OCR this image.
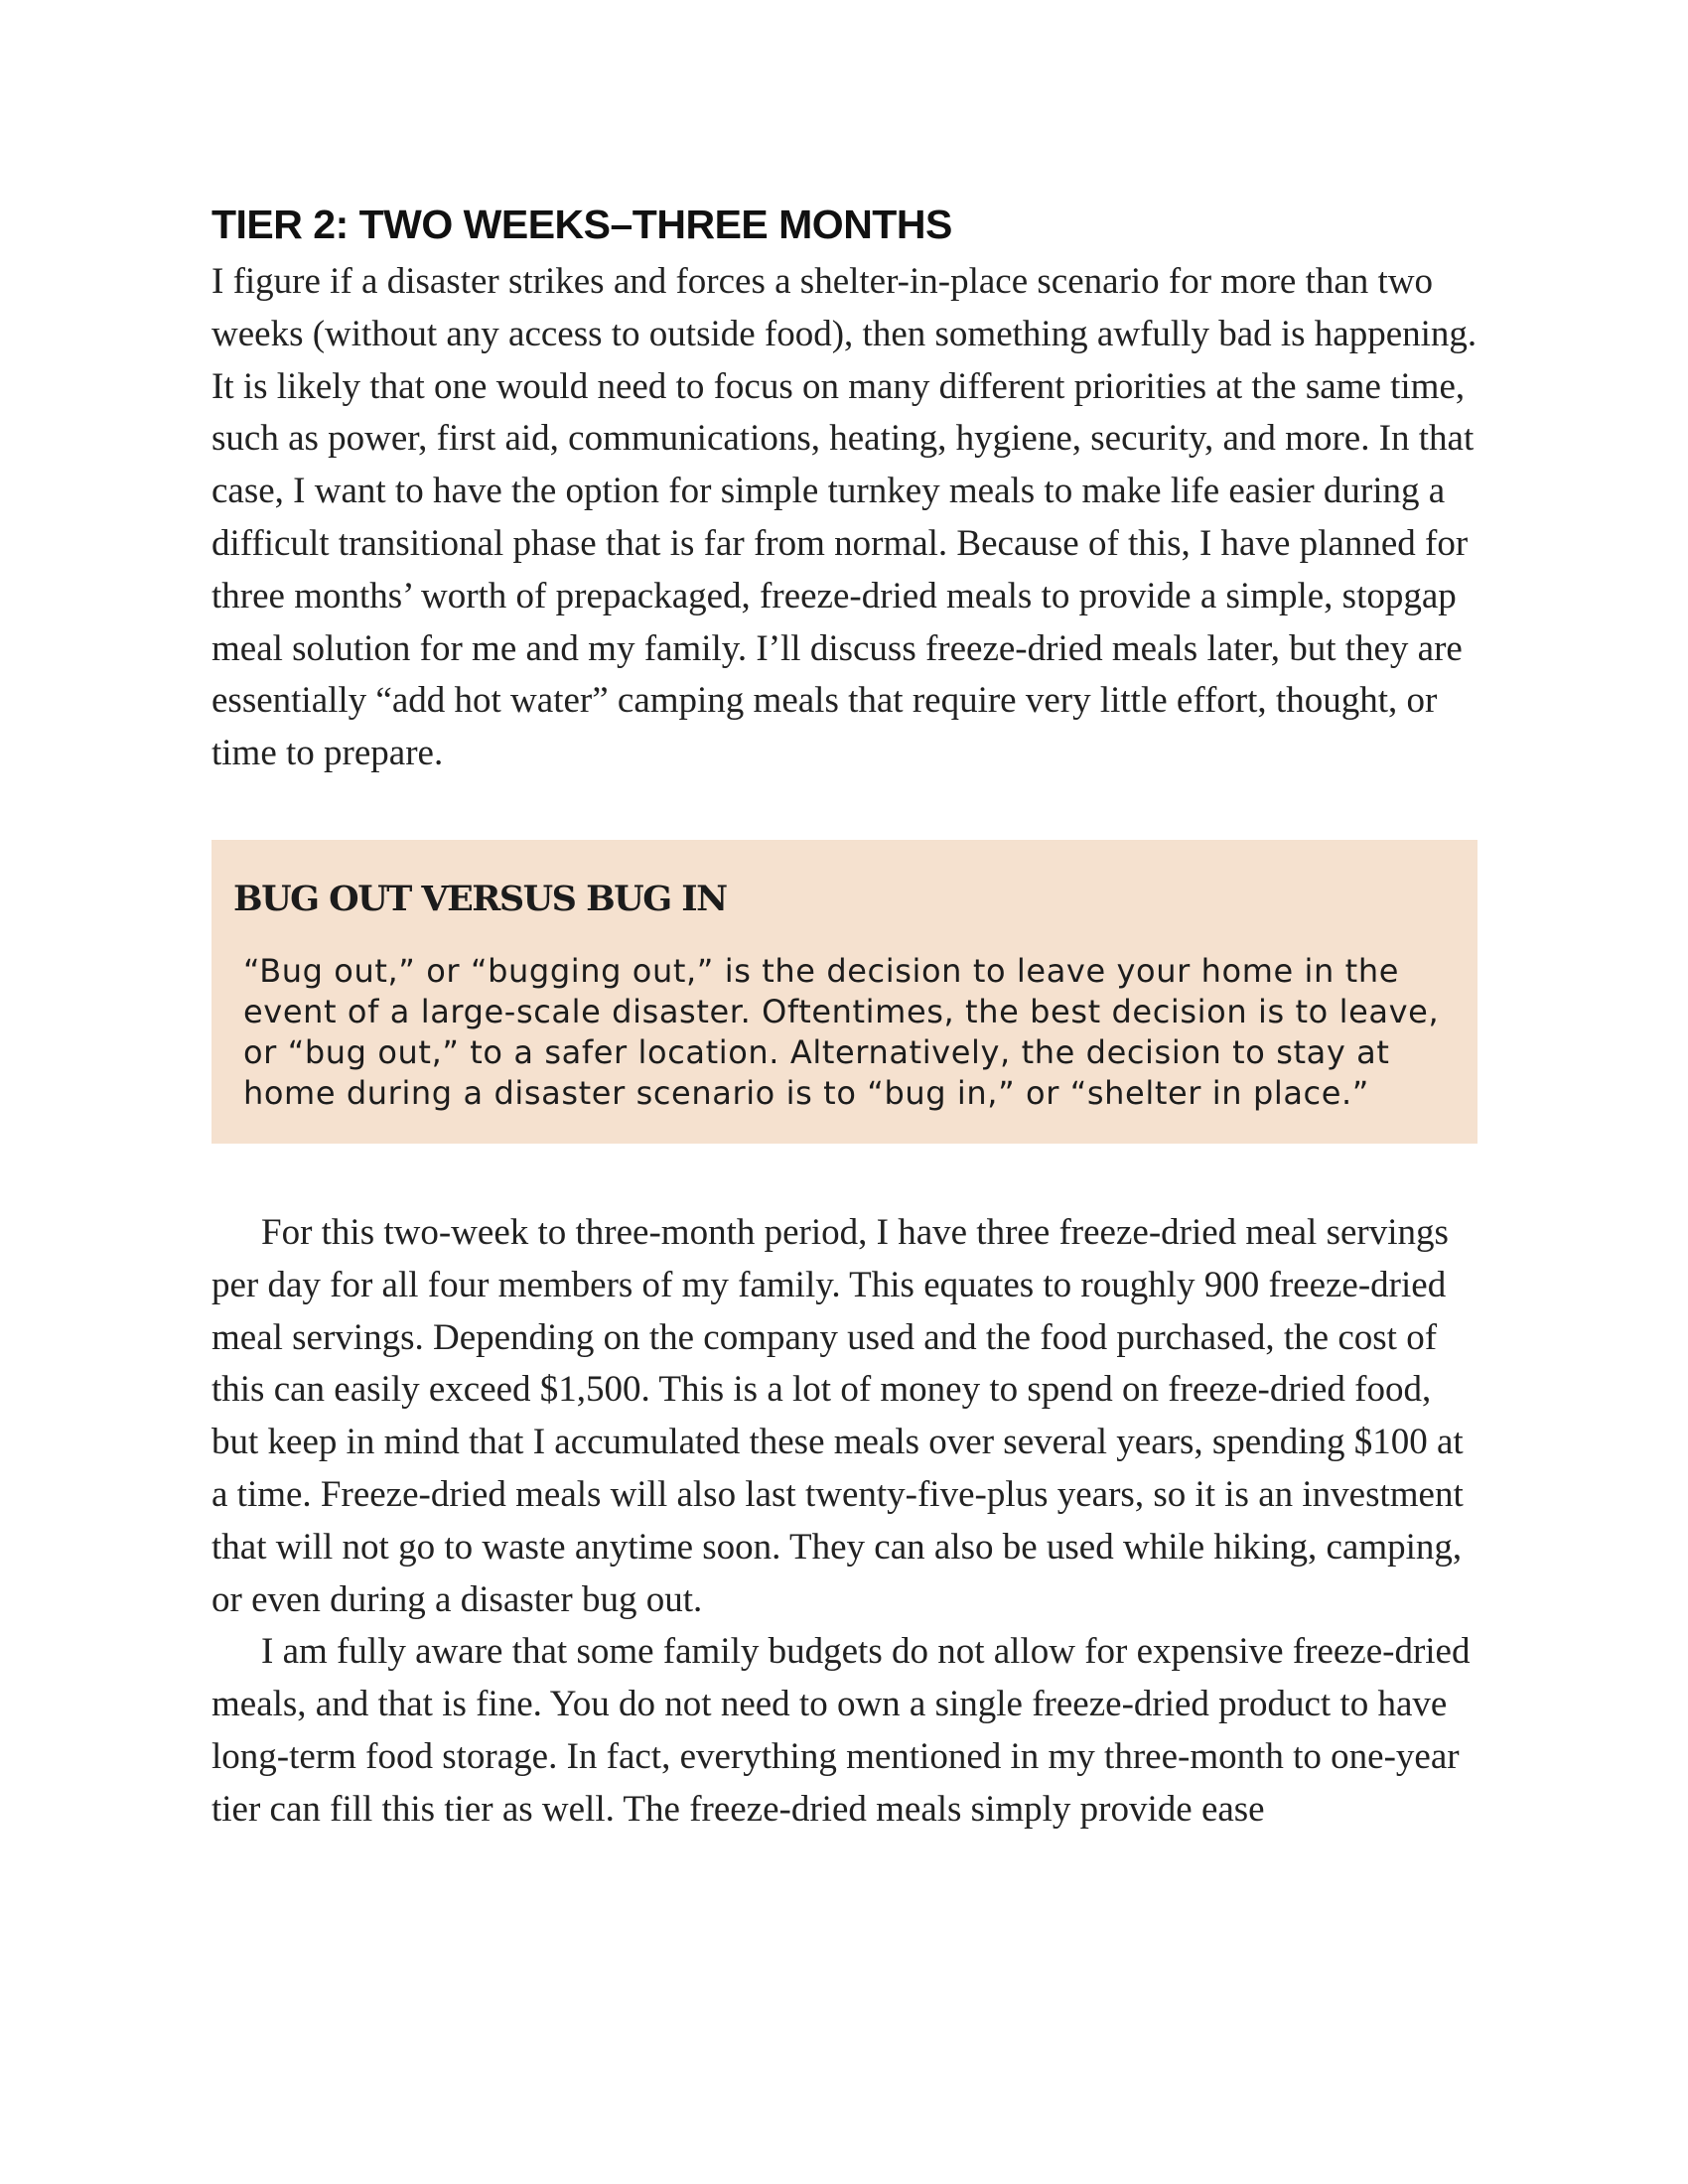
TIER 2: TWO WEEKS–THREE MONTHS

I figure if a disaster strikes and forces a shelter-in-place scenario for more than two weeks (without any access to outside food), then something awfully bad is happening. It is likely that one would need to focus on many different priorities at the same time, such as power, first aid, communications, heating, hygiene, security, and more. In that case, I want to have the option for simple turnkey meals to make life easier during a difficult transitional phase that is far from normal. Because of this, I have planned for three months’ worth of prepackaged, freeze-dried meals to provide a simple, stopgap meal solution for me and my family. I’ll discuss freeze-dried meals later, but they are essentially “add hot water” camping meals that require very little effort, thought, or time to prepare.

BUG OUT VERSUS BUG IN

“Bug out,” or “bugging out,” is the decision to leave your home in the event of a large-scale disaster. Oftentimes, the best decision is to leave, or “bug out,” to a safer location. Alternatively, the decision to stay at home during a disaster scenario is to “bug in,” or “shelter in place.”

For this two-week to three-month period, I have three freeze-dried meal servings per day for all four members of my family. This equates to roughly 900 freeze-dried meal servings. Depending on the company used and the food purchased, the cost of this can easily exceed $1,500. This is a lot of money to spend on freeze-dried food, but keep in mind that I accumulated these meals over several years, spending $100 at a time. Freeze-dried meals will also last twenty-five-plus years, so it is an investment that will not go to waste anytime soon. They can also be used while hiking, camping, or even during a disaster bug out.

I am fully aware that some family budgets do not allow for expensive freeze-dried meals, and that is fine. You do not need to own a single freeze-dried product to have long-term food storage. In fact, everything mentioned in my three-month to one-year tier can fill this tier as well. The freeze-dried meals simply provide ease
